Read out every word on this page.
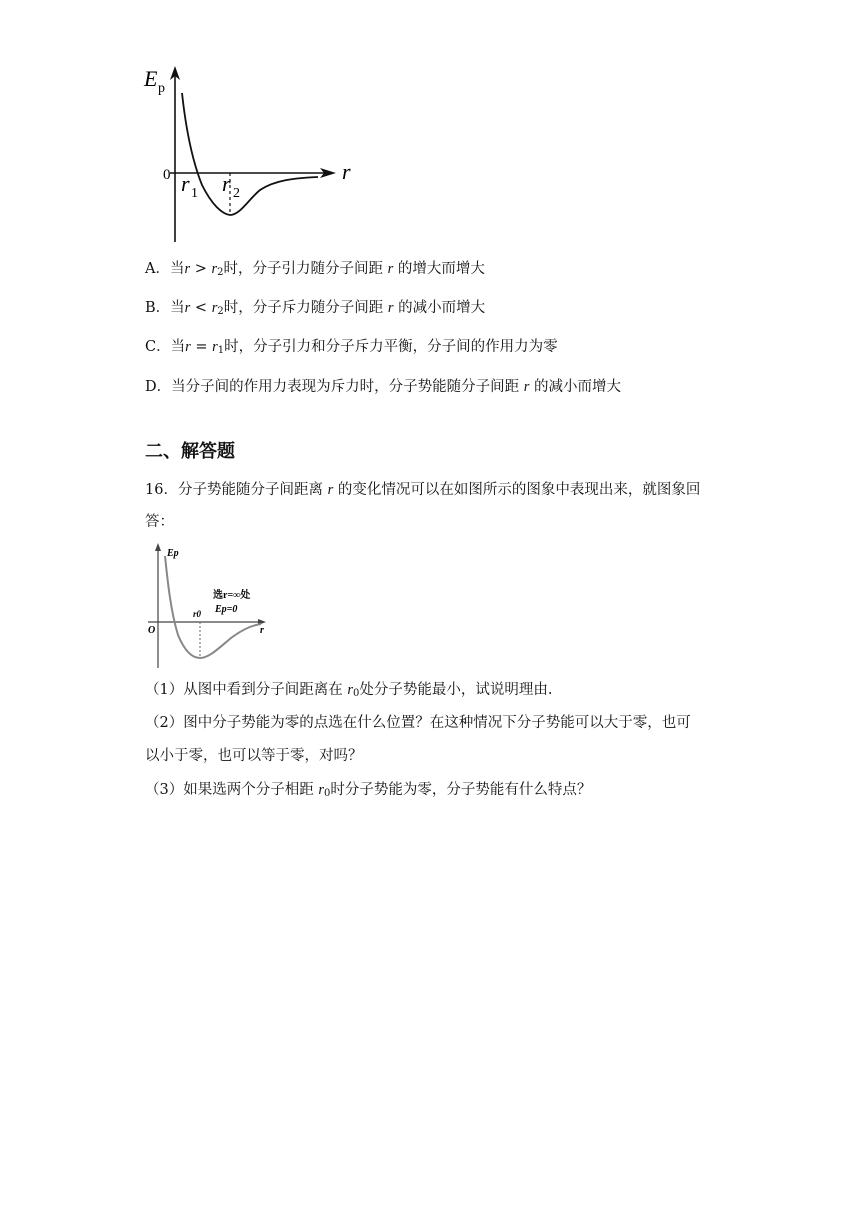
E p
0	r
r 1 r 2
A．当$r > r_2$时，分子引力随分子间距 r 的增大而增大
B．当$r < r_2$时，分子斥力随分子间距 r 的减小而增大
C．当$r = r_1$时，分子引力和分子斥力平衡，分子间的作用力为零
D．当分子间的作用力表现为斥力时，分子势能随分子间距 r 的减小而增大
二、解答题
16．分子势能随分子间距离 r 的变化情况可以在如图所示的图象中表现出来，就图象回
答：
Ep
O	r
r0
选r=∞处
Ep=0
（1）从图中看到分子间距离在 $r_0$处分子势能最小，试说明理由.
（2）图中分子势能为零的点选在什么位置？在这种情况下分子势能可以大于零，也可
以小于零，也可以等于零，对吗？
（3）如果选两个分子相距 $r_0$时分子势能为零，分子势能有什么特点？
